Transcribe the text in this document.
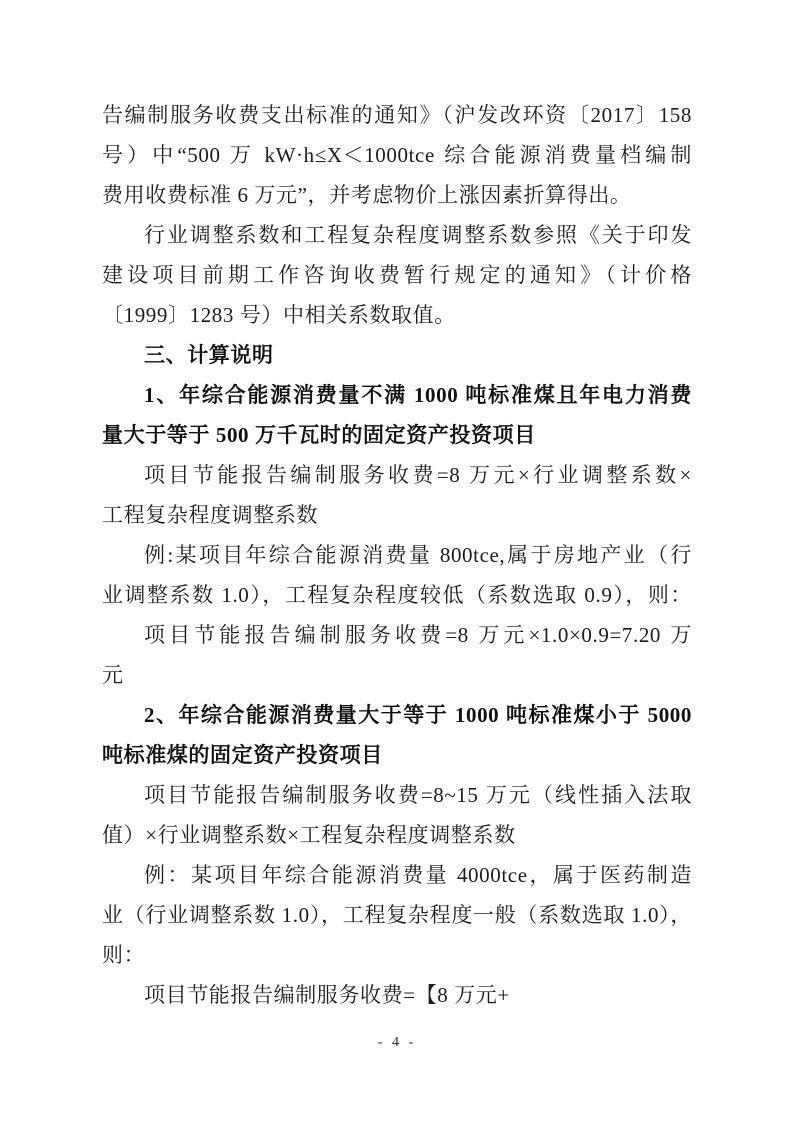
告编制服务收费支出标准的通知》（沪发改环资〔2017〕158
号）中“500 万 kW·h≤X＜1000tce 综合能源消费量档编制
费用收费标准 6 万元”，并考虑物价上涨因素折算得出。
行业调整系数和工程复杂程度调整系数参照《关于印发
建设项目前期工作咨询收费暂行规定的通知》（计价格
〔1999〕1283 号）中相关系数取值。
三、计算说明
1、年综合能源消费量不满 1000 吨标准煤且年电力消费
量大于等于 500 万千瓦时的固定资产投资项目
项目节能报告编制服务收费=8 万元×行业调整系数×
工程复杂程度调整系数
例:某项目年综合能源消费量 800tce,属于房地产业（行
业调整系数 1.0），工程复杂程度较低（系数选取 0.9），则：
项目节能报告编制服务收费=8 万元×1.0×0.9=7.20 万
元
2、年综合能源消费量大于等于 1000 吨标准煤小于 5000
吨标准煤的固定资产投资项目
项目节能报告编制服务收费=8~15 万元（线性插入法取
值）×行业调整系数×工程复杂程度调整系数
例：某项目年综合能源消费量 4000tce，属于医药制造
业（行业调整系数 1.0），工程复杂程度一般（系数选取 1.0），
则：
项目节能报告编制服务收费=【8 万元+
- 4 -
